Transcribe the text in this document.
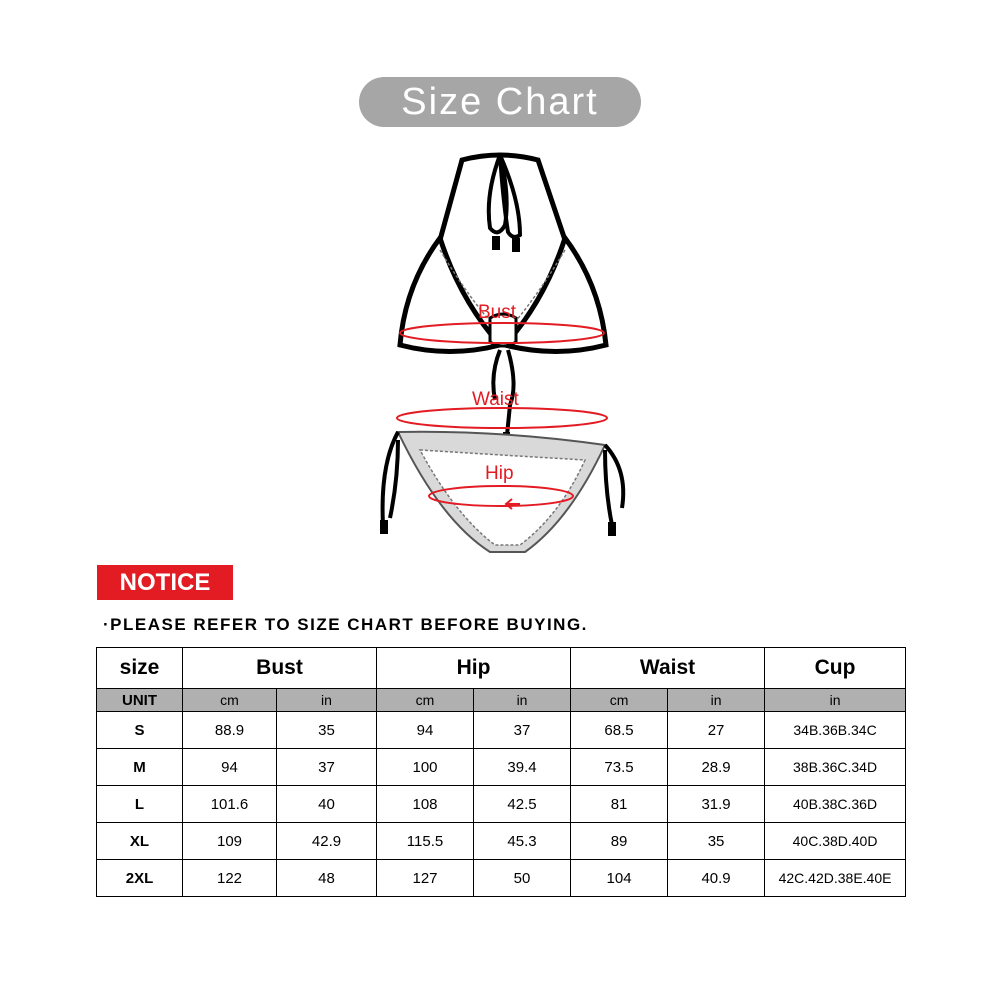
Size Chart
Bust
Waist
Hip
NOTICE
·PLEASE REFER TO SIZE CHART BEFORE BUYING.
size	Bust		Hip		Waist		Cup
UNIT	cm	in	cm	in	cm	in	in
S	88.9	35	94	37	68.5	27	34B.36B.34C
M	94	37	100	39.4	73.5	28.9	38B.36C.34D
L	101.6	40	108	42.5	81	31.9	40B.38C.36D
XL	109	42.9	115.5	45.3	89	35	40C.38D.40D
2XL	122	48	127	50	104	40.9	42C.42D.38E.40E
